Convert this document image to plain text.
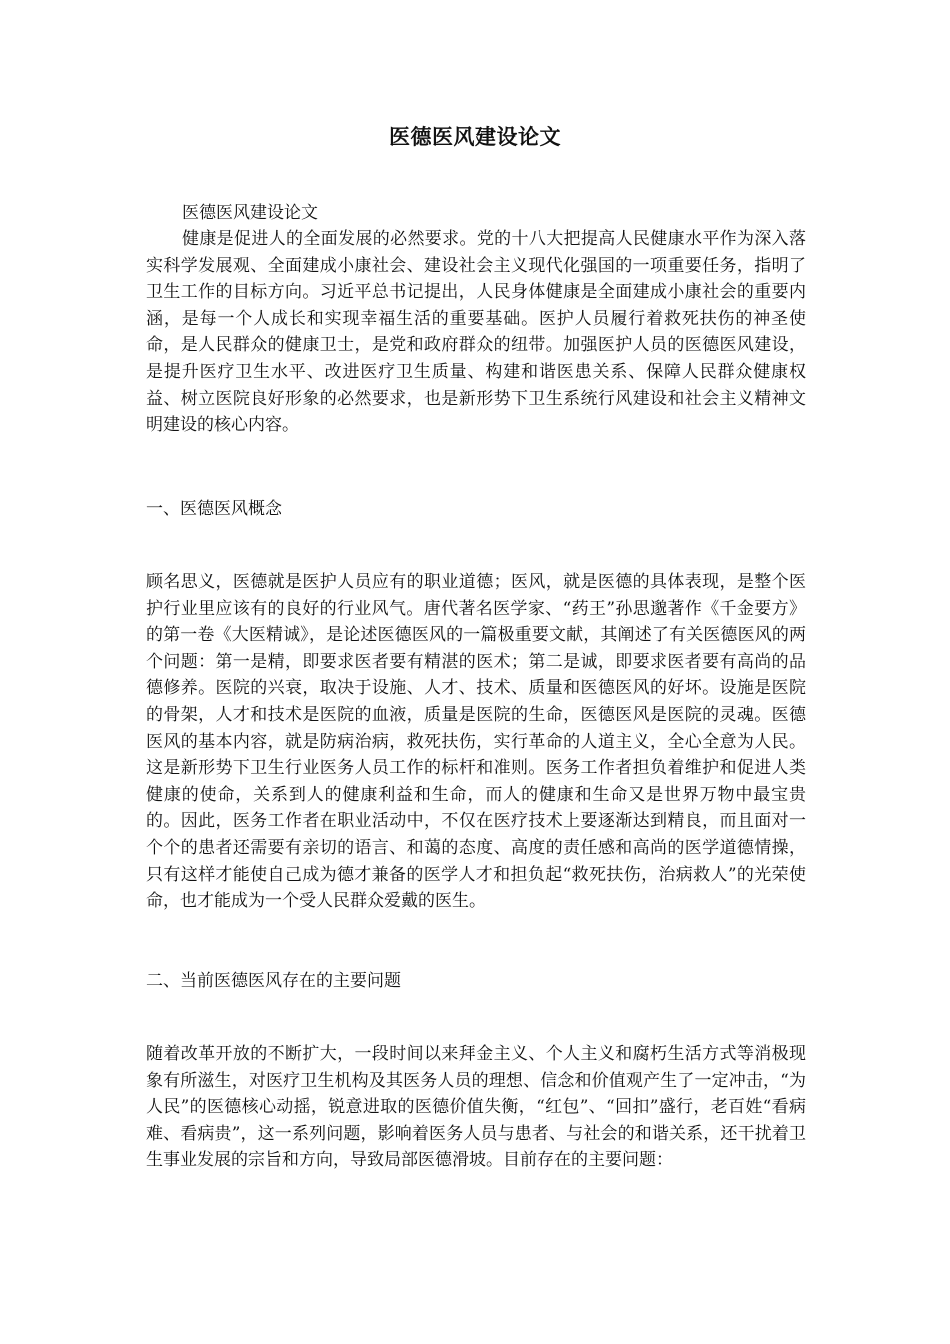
医德医风建设论文

医德医风建设论文

健康是促进人的全面发展的必然要求。党的十八大把提高人民健康水平作为深入落实科学发展观、全面建成小康社会、建设社会主义现代化强国的一项重要任务，指明了卫生工作的目标方向。习近平总书记提出，人民身体健康是全面建成小康社会的重要内涵，是每一个人成长和实现幸福生活的重要基础。医护人员履行着救死扶伤的神圣使命，是人民群众的健康卫士，是党和政府群众的纽带。加强医护人员的医德医风建设，是提升医疗卫生水平、改进医疗卫生质量、构建和谐医患关系、保障人民群众健康权益、树立医院良好形象的必然要求，也是新形势下卫生系统行风建设和社会主义精神文明建设的核心内容。

一、医德医风概念

顾名思义，医德就是医护人员应有的职业道德；医风，就是医德的具体表现，是整个医护行业里应该有的良好的行业风气。唐代著名医学家、“药王”孙思邈著作《千金要方》的第一卷《大医精诚》，是论述医德医风的一篇极重要文献，其阐述了有关医德医风的两个问题：第一是精，即要求医者要有精湛的医术；第二是诚，即要求医者要有高尚的品德修养。医院的兴衰，取决于设施、人才、技术、质量和医德医风的好坏。设施是医院的骨架，人才和技术是医院的血液，质量是医院的生命，医德医风是医院的灵魂。医德医风的基本内容，就是防病治病，救死扶伤，实行革命的人道主义，全心全意为人民。这是新形势下卫生行业医务人员工作的标杆和准则。医务工作者担负着维护和促进人类健康的使命，关系到人的健康利益和生命，而人的健康和生命又是世界万物中最宝贵的。因此，医务工作者在职业活动中，不仅在医疗技术上要逐渐达到精良，而且面对一个个的患者还需要有亲切的语言、和蔼的态度、高度的责任感和高尚的医学道德情操，只有这样才能使自己成为德才兼备的医学人才和担负起“救死扶伤，治病救人”的光荣使命，也才能成为一个受人民群众爱戴的医生。

二、当前医德医风存在的主要问题

随着改革开放的不断扩大，一段时间以来拜金主义、个人主义和腐朽生活方式等消极现象有所滋生，对医疗卫生机构及其医务人员的理想、信念和价值观产生了一定冲击，“为人民”的医德核心动摇，锐意进取的医德价值失衡，“红包”、“回扣”盛行，老百姓“看病难、看病贵”，这一系列问题，影响着医务人员与患者、与社会的和谐关系，还干扰着卫生事业发展的宗旨和方向，导致局部医德滑坡。目前存在的主要问题：
